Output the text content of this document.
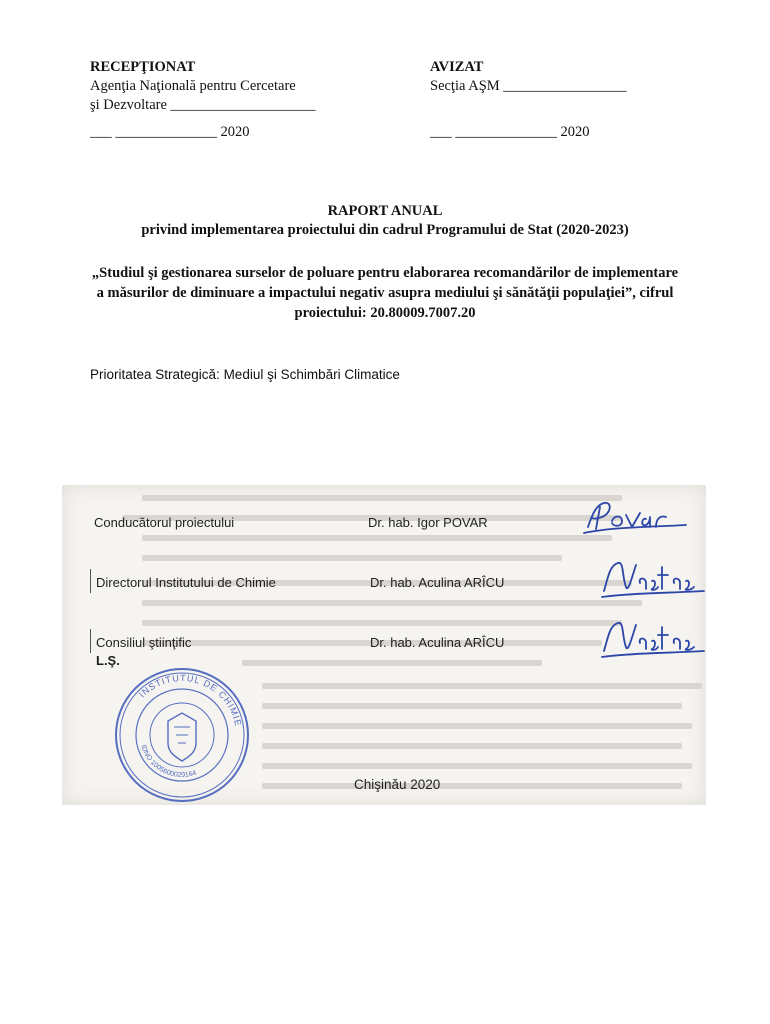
RECEPŢIONAT
Agenţia Naţională pentru Cercetare
şi Dezvoltare ____________________
___ ______________ 2020
AVIZAT
Secţia AŞM _________________
___ ______________ 2020
RAPORT ANUAL
privind implementarea proiectului din cadrul Programului de Stat (2020-2023)
„Studiul şi gestionarea surselor de poluare pentru elaborarea recomandărilor de implementare
a măsurilor de diminuare a impactului negativ asupra mediului şi sănătăţii populaţiei”, cifrul
proiectului: 20.80009.7007.20
Prioritatea Strategică: Mediul şi Schimbări Climatice
Conducătorul proiectului	Dr. hab. Igor POVAR
Directorul Institutului de Chimie	Dr. hab. Aculina ARÎCU
Consiliul ştiinţific	Dr. hab. Aculina ARÎCU
L.Ş.
INSTITUTUL DE CHIMIE
IDNO 1005600029164
Chişinău 2020
